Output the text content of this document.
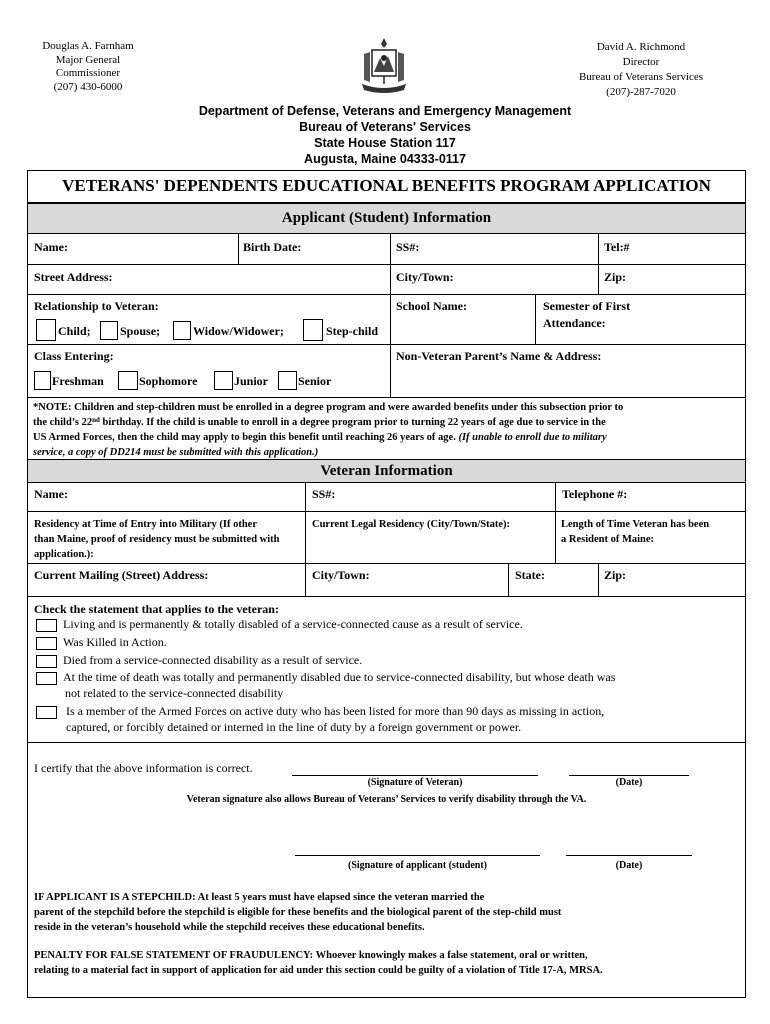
Douglas A. Farnham
Major General
Commissioner
(207) 430-6000
David A. Richmond
Director
Bureau of Veterans Services
(207)-287-7020
Department of Defense, Veterans and Emergency Management
Bureau of Veterans' Services
State House Station 117
Augusta, Maine 04333-0117
VETERANS' DEPENDENTS EDUCATIONAL BENEFITS PROGRAM APPLICATION
Applicant (Student) Information
Name:	Birth Date:	SS#:	Tel:#
Street Address:	City/Town:	Zip:
Relationship to Veteran:
Child; Spouse;	Widow/Widower;	Step-child
School Name:	Semester of First
Attendance:
Class Entering:
Freshman	Sophomore	Junior Senior
Non-Veteran Parent’s Name & Address:
*NOTE: Children and step-children must be enrolled in a degree program and were awarded benefits under this subsection prior to
the child’s 22nd birthday. If the child is unable to enroll in a degree program prior to turning 22 years of age due to service in the
US Armed Forces, then the child may apply to begin this benefit until reaching 26 years of age. (If unable to enroll due to military
service, a copy of DD214 must be submitted with this application.)
Veteran Information
Name:	SS#:	Telephone #:
Residency at Time of Entry into Military (If other
than Maine, proof of residency must be submitted with
application.):
Current Legal Residency (City/Town/State):	Length of Time Veteran has been
a Resident of Maine:
Current Mailing (Street) Address:	City/Town:	State:	Zip:
Check the statement that applies to the veteran:
Living and is permanently & totally disabled of a service-connected cause as a result of service.
Was Killed in Action.
Died from a service-connected disability as a result of service.
At the time of death was totally and permanently disabled due to service-connected disability, but whose death was
not related to the service-connected disability
Is a member of the Armed Forces on active duty who has been listed for more than 90 days as missing in action,
captured, or forcibly detained or interned in the line of duty by a foreign government or power.
I certify that the above information is correct.
(Signature of Veteran)	(Date)
Veteran signature also allows Bureau of Veterans’ Services to verify disability through the VA.
(Signature of applicant (student)	(Date)
IF APPLICANT IS A STEPCHILD: At least 5 years must have elapsed since the veteran married the
parent of the stepchild before the stepchild is eligible for these benefits and the biological parent of the step-child must
reside in the veteran’s household while the stepchild receives these educational benefits.
PENALTY FOR FALSE STATEMENT OF FRAUDULENCY: Whoever knowingly makes a false statement, oral or written,
relating to a material fact in support of application for aid under this section could be guilty of a violation of Title 17-A, MRSA.
